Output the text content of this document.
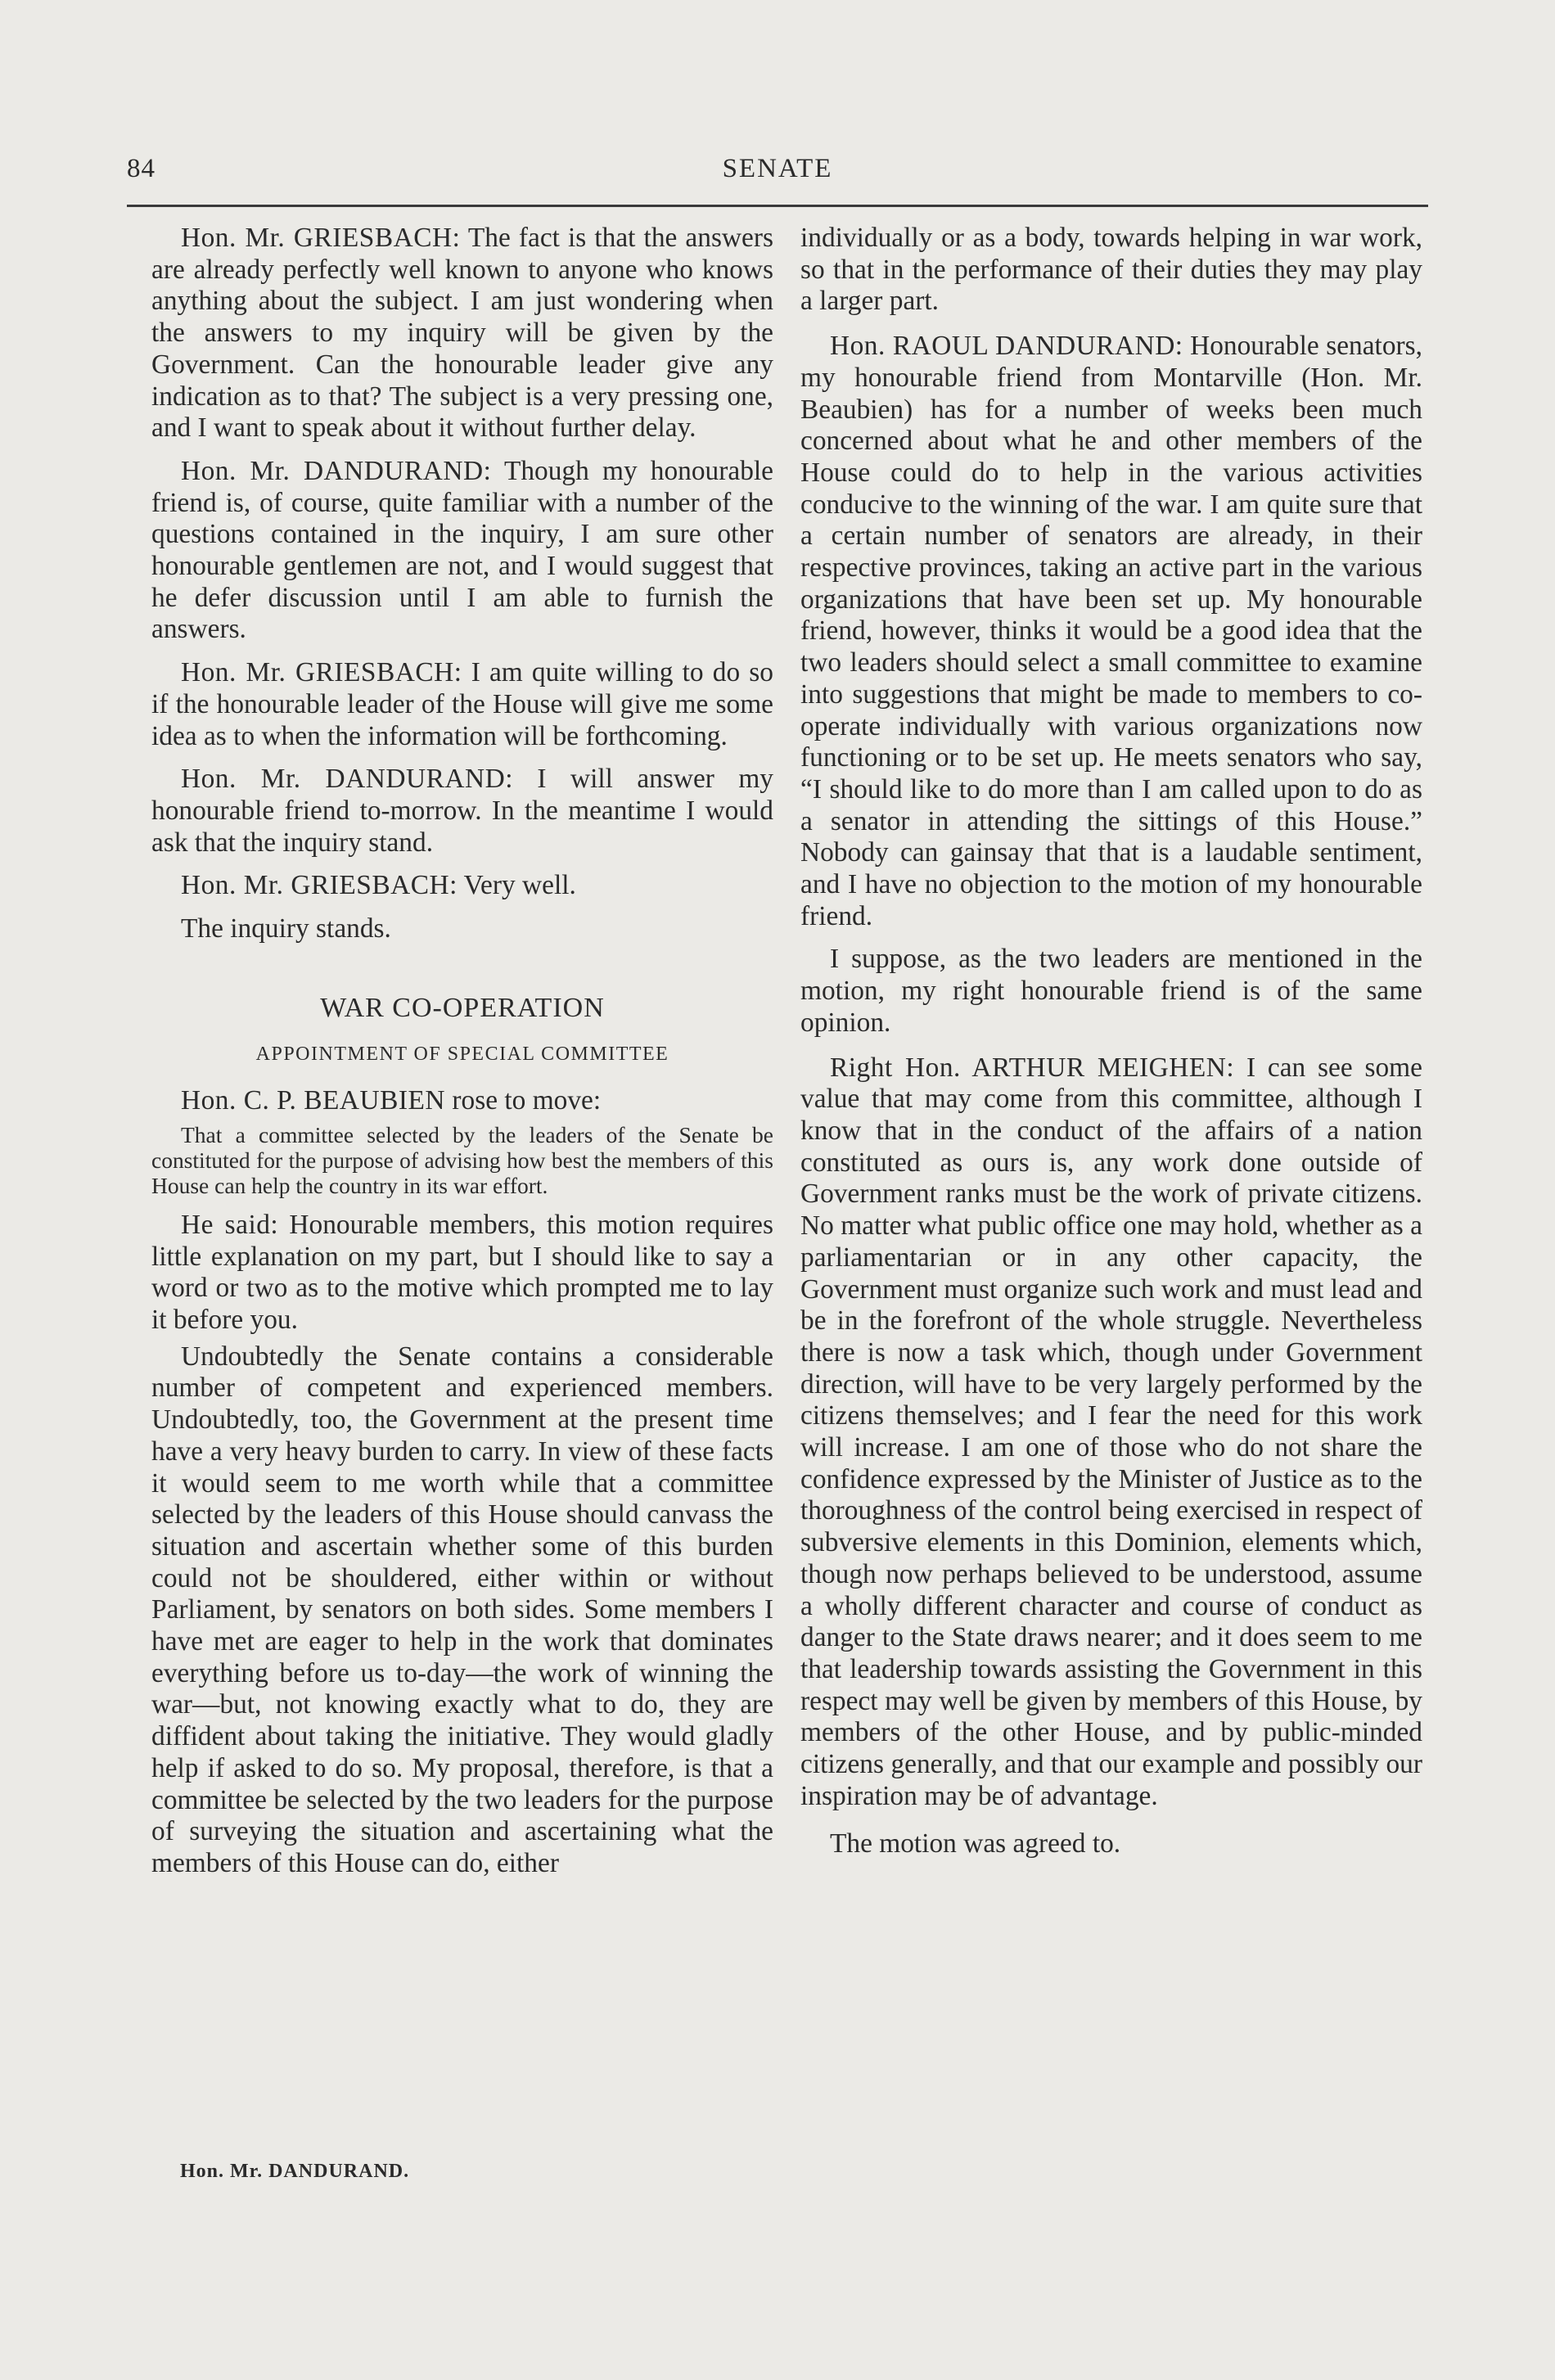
84	SENATE

Hon. Mr. GRIESBACH: The fact is that the answers are already perfectly well known to anyone who knows anything about the subject. I am just wondering when the answers to my inquiry will be given by the Government. Can the honourable leader give any indication as to that? The subject is a very pressing one, and I want to speak about it without further delay.

Hon. Mr. DANDURAND: Though my honourable friend is, of course, quite familiar with a number of the questions contained in the inquiry, I am sure other honourable gentlemen are not, and I would suggest that he defer discussion until I am able to furnish the answers.

Hon. Mr. GRIESBACH: I am quite willing to do so if the honourable leader of the House will give me some idea as to when the information will be forthcoming.

Hon. Mr. DANDURAND: I will answer my honourable friend to-morrow. In the meantime I would ask that the inquiry stand.

Hon. Mr. GRIESBACH: Very well.

The inquiry stands.

WAR CO-OPERATION
APPOINTMENT OF SPECIAL COMMITTEE

Hon. C. P. BEAUBIEN rose to move:

That a committee selected by the leaders of the Senate be constituted for the purpose of advising how best the members of this House can help the country in its war effort.

He said: Honourable members, this motion requires little explanation on my part, but I should like to say a word or two as to the motive which prompted me to lay it before you.

Undoubtedly the Senate contains a considerable number of competent and experienced members. Undoubtedly, too, the Government at the present time have a very heavy burden to carry. In view of these facts it would seem to me worth while that a committee selected by the leaders of this House should canvass the situation and ascertain whether some of this burden could not be shouldered, either within or without Parliament, by senators on both sides. Some members I have met are eager to help in the work that dominates everything before us to-day—the work of winning the war—but, not knowing exactly what to do, they are diffident about taking the initiative. They would gladly help if asked to do so. My proposal, therefore, is that a committee be selected by the two leaders for the purpose of surveying the situation and ascertaining what the members of this House can do, either

individually or as a body, towards helping in war work, so that in the performance of their duties they may play a larger part.

Hon. RAOUL DANDURAND: Honourable senators, my honourable friend from Montarville (Hon. Mr. Beaubien) has for a number of weeks been much concerned about what he and other members of the House could do to help in the various activities conducive to the winning of the war. I am quite sure that a certain number of senators are already, in their respective provinces, taking an active part in the various organizations that have been set up. My honourable friend, however, thinks it would be a good idea that the two leaders should select a small committee to examine into suggestions that might be made to members to co-operate individually with various organizations now functioning or to be set up. He meets senators who say, “I should like to do more than I am called upon to do as a senator in attending the sittings of this House.” Nobody can gainsay that that is a laudable sentiment, and I have no objection to the motion of my honourable friend.

I suppose, as the two leaders are mentioned in the motion, my right honourable friend is of the same opinion.

Right Hon. ARTHUR MEIGHEN: I can see some value that may come from this committee, although I know that in the conduct of the affairs of a nation constituted as ours is, any work done outside of Government ranks must be the work of private citizens. No matter what public office one may hold, whether as a parliamentarian or in any other capacity, the Government must organize such work and must lead and be in the forefront of the whole struggle. Nevertheless there is now a task which, though under Government direction, will have to be very largely performed by the citizens themselves; and I fear the need for this work will increase. I am one of those who do not share the confidence expressed by the Minister of Justice as to the thoroughness of the control being exercised in respect of subversive elements in this Dominion, elements which, though now perhaps believed to be understood, assume a wholly different character and course of conduct as danger to the State draws nearer; and it does seem to me that leadership towards assisting the Government in this respect may well be given by members of this House, by members of the other House, and by public-minded citizens generally, and that our example and possibly our inspiration may be of advantage.

The motion was agreed to.

Hon. Mr. DANDURAND.
